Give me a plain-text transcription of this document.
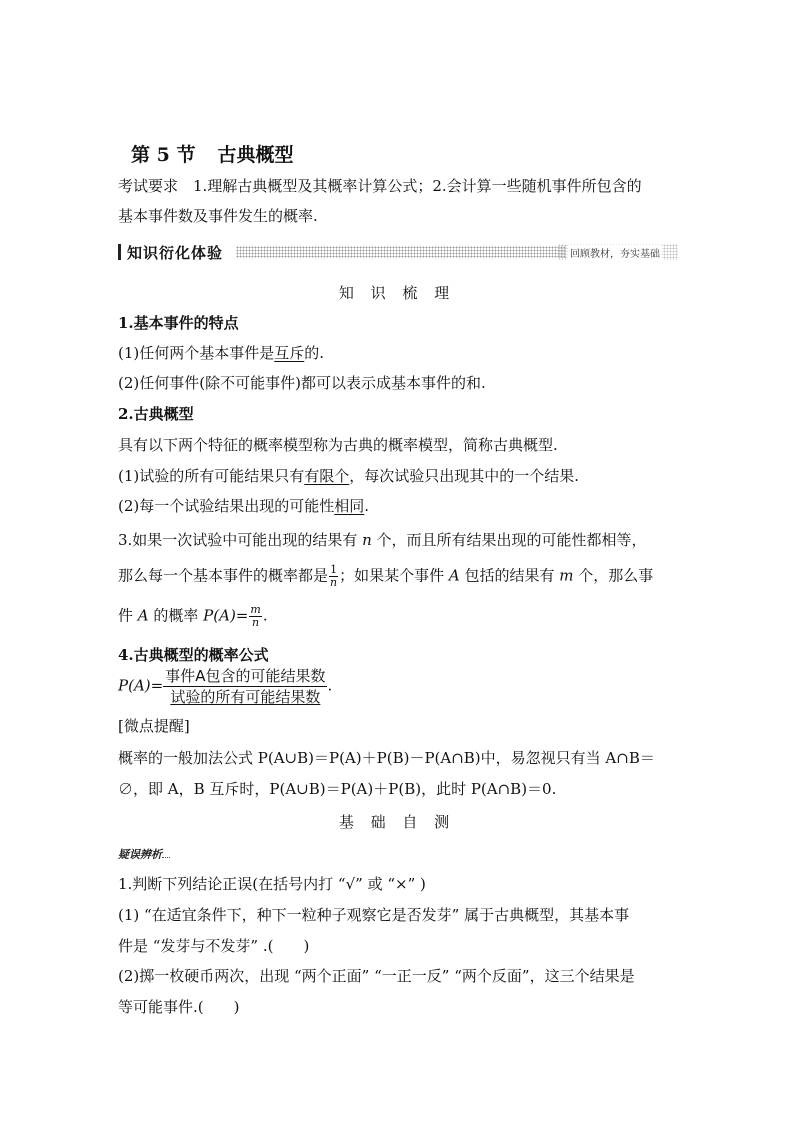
第 5 节 古典概型
考试要求　1.理解古典概型及其概率计算公式；2.会计算一些随机事件所包含的
基本事件数及事件发生的概率.
知识衍化体验	回顾教材，夯实基础
知 识 梳 理
1.基本事件的特点
(1)任何两个基本事件是互斥的.
(2)任何事件(除不可能事件)都可以表示成基本事件的和.
2.古典概型
具有以下两个特征的概率模型称为古典的概率模型，简称古典概型.
(1)试验的所有可能结果只有有限个，每次试验只出现其中的一个结果.
(2)每一个试验结果出现的可能性相同.
3.如果一次试验中可能出现的结果有 n 个，而且所有结果出现的可能性都相等，
那么每一个基本事件的概率都是 $\frac{1}{n}$ ；如果某个事件 A 包括的结果有 m 个，那么事
件 A 的概率 $P(A)= \frac{m}{n}$ .
4.古典概型的概率公式
$P(A)= \frac{\text{事件A包含的可能结果数}}{\text{试验的所有可能结果数}}$ .
[微点提醒]
概率的一般加法公式 P(A∪B)＝P(A)＋P(B)－P(A∩B)中，易忽视只有当 A∩B＝
∅，即 A，B 互斥时，P(A∪B)＝P(A)＋P(B)，此时 P(A∩B)＝0.
基 础 自 测
疑误辨析
1.判断下列结论正误(在括号内打 “√” 或 “×” )
(1) “在适宜条件下，种下一粒种子观察它是否发芽” 属于古典概型，其基本事
件是 “发芽与不发芽” .(　　)
(2)掷一枚硬币两次，出现 “两个正面” “一正一反” “两个反面”，这三个结果是
等可能事件.(　　)
